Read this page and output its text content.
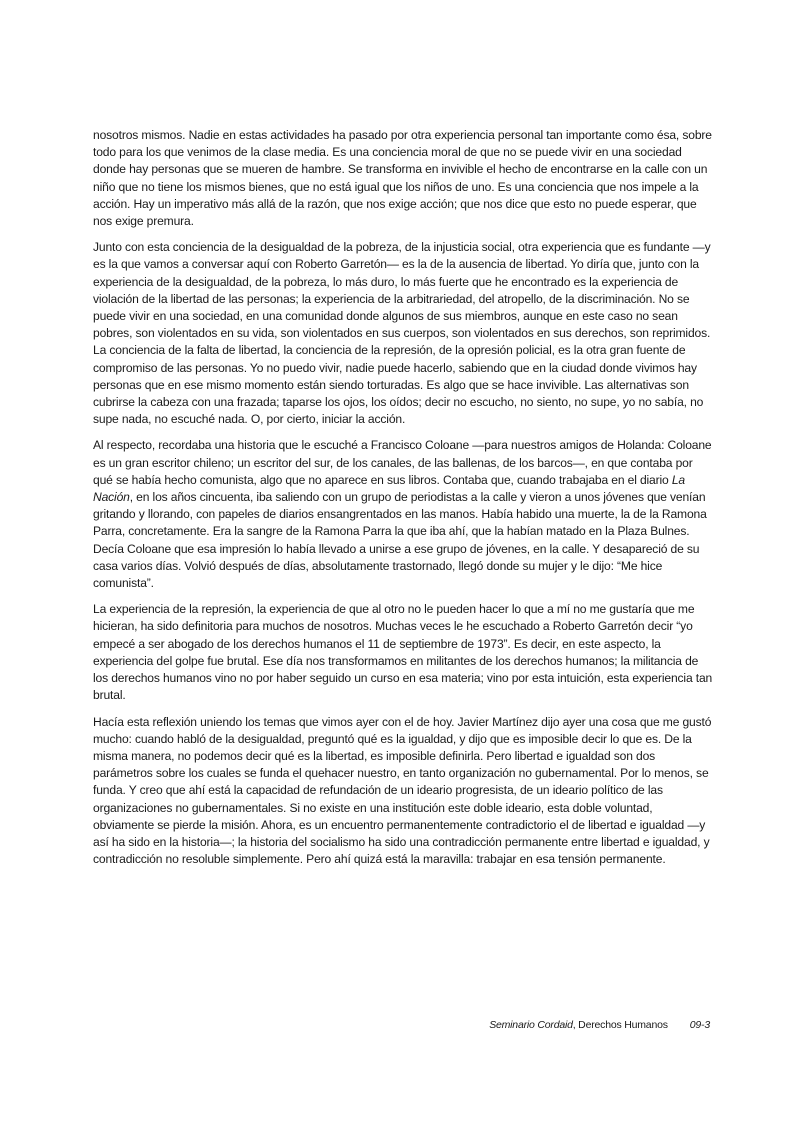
nosotros mismos. Nadie en estas actividades ha pasado por otra experiencia personal tan importante como ésa, sobre todo para los que venimos de la clase media. Es una conciencia moral de que no se puede vivir en una sociedad donde hay personas que se mueren de hambre. Se transforma en invivible el hecho de encontrarse en la calle con un niño que no tiene los mismos bienes, que no está igual que los niños de uno. Es una conciencia que nos impele a la acción. Hay un imperativo más allá de la razón, que nos exige acción; que nos dice que esto no puede esperar, que nos exige premura.

Junto con esta conciencia de la desigualdad de la pobreza, de la injusticia social, otra experiencia que es fundante —y es la que vamos a conversar aquí con Roberto Garretón— es la de la ausencia de libertad. Yo diría que, junto con la experiencia de la desigualdad, de la pobreza, lo más duro, lo más fuerte que he encontrado es la experiencia de violación de la libertad de las personas; la experiencia de la arbitrariedad, del atropello, de la discriminación. No se puede vivir en una sociedad, en una comunidad donde algunos de sus miembros, aunque en este caso no sean pobres, son violentados en su vida, son violentados en sus cuerpos, son violentados en sus derechos, son reprimidos. La conciencia de la falta de libertad, la conciencia de la represión, de la opresión policial, es la otra gran fuente de compromiso de las personas. Yo no puedo vivir, nadie puede hacerlo, sabiendo que en la ciudad donde vivimos hay personas que en ese mismo momento están siendo torturadas. Es algo que se hace invivible. Las alternativas son cubrirse la cabeza con una frazada; taparse los ojos, los oídos; decir no escucho, no siento, no supe, yo no sabía, no supe nada, no escuché nada. O, por cierto, iniciar la acción.

Al respecto, recordaba una historia que le escuché a Francisco Coloane —para nuestros amigos de Holanda: Coloane es un gran escritor chileno; un escritor del sur, de los canales, de las ballenas, de los barcos—, en que contaba por qué se había hecho comunista, algo que no aparece en sus libros. Contaba que, cuando trabajaba en el diario La Nación, en los años cincuenta, iba saliendo con un grupo de periodistas a la calle y vieron a unos jóvenes que venían gritando y llorando, con papeles de diarios ensangrentados en las manos. Había habido una muerte, la de la Ramona Parra, concretamente. Era la sangre de la Ramona Parra la que iba ahí, que la habían matado en la Plaza Bulnes. Decía Coloane que esa impresión lo había llevado a unirse a ese grupo de jóvenes, en la calle. Y desapareció de su casa varios días. Volvió después de días, absolutamente trastornado, llegó donde su mujer y le dijo: “Me hice comunista”.

La experiencia de la represión, la experiencia de que al otro no le pueden hacer lo que a mí no me gustaría que me hicieran, ha sido definitoria para muchos de nosotros. Muchas veces le he escuchado a Roberto Garretón decir “yo empecé a ser abogado de los derechos humanos el 11 de septiembre de 1973”. Es decir, en este aspecto, la experiencia del golpe fue brutal. Ese día nos transformamos en militantes de los derechos humanos; la militancia de los derechos humanos vino no por haber seguido un curso en esa materia; vino por esta intuición, esta experiencia tan brutal.

Hacía esta reflexión uniendo los temas que vimos ayer con el de hoy. Javier Martínez dijo ayer una cosa que me gustó mucho: cuando habló de la desigualdad, preguntó qué es la igualdad, y dijo que es imposible decir lo que es. De la misma manera, no podemos decir qué es la libertad, es imposible definirla. Pero libertad e igualdad son dos parámetros sobre los cuales se funda el quehacer nuestro, en tanto organización no gubernamental. Por lo menos, se funda. Y creo que ahí está la capacidad de refundación de un ideario progresista, de un ideario político de las organizaciones no gubernamentales. Si no existe en una institución este doble ideario, esta doble voluntad, obviamente se pierde la misión. Ahora, es un encuentro permanentemente contradictorio el de libertad e igualdad —y así ha sido en la historia—; la historia del socialismo ha sido una contradicción permanente entre libertad e igualdad, y contradicción no resoluble simplemente. Pero ahí quizá está la maravilla: trabajar en esa tensión permanente.

Seminario Cordaid, Derechos Humanos 09-3
